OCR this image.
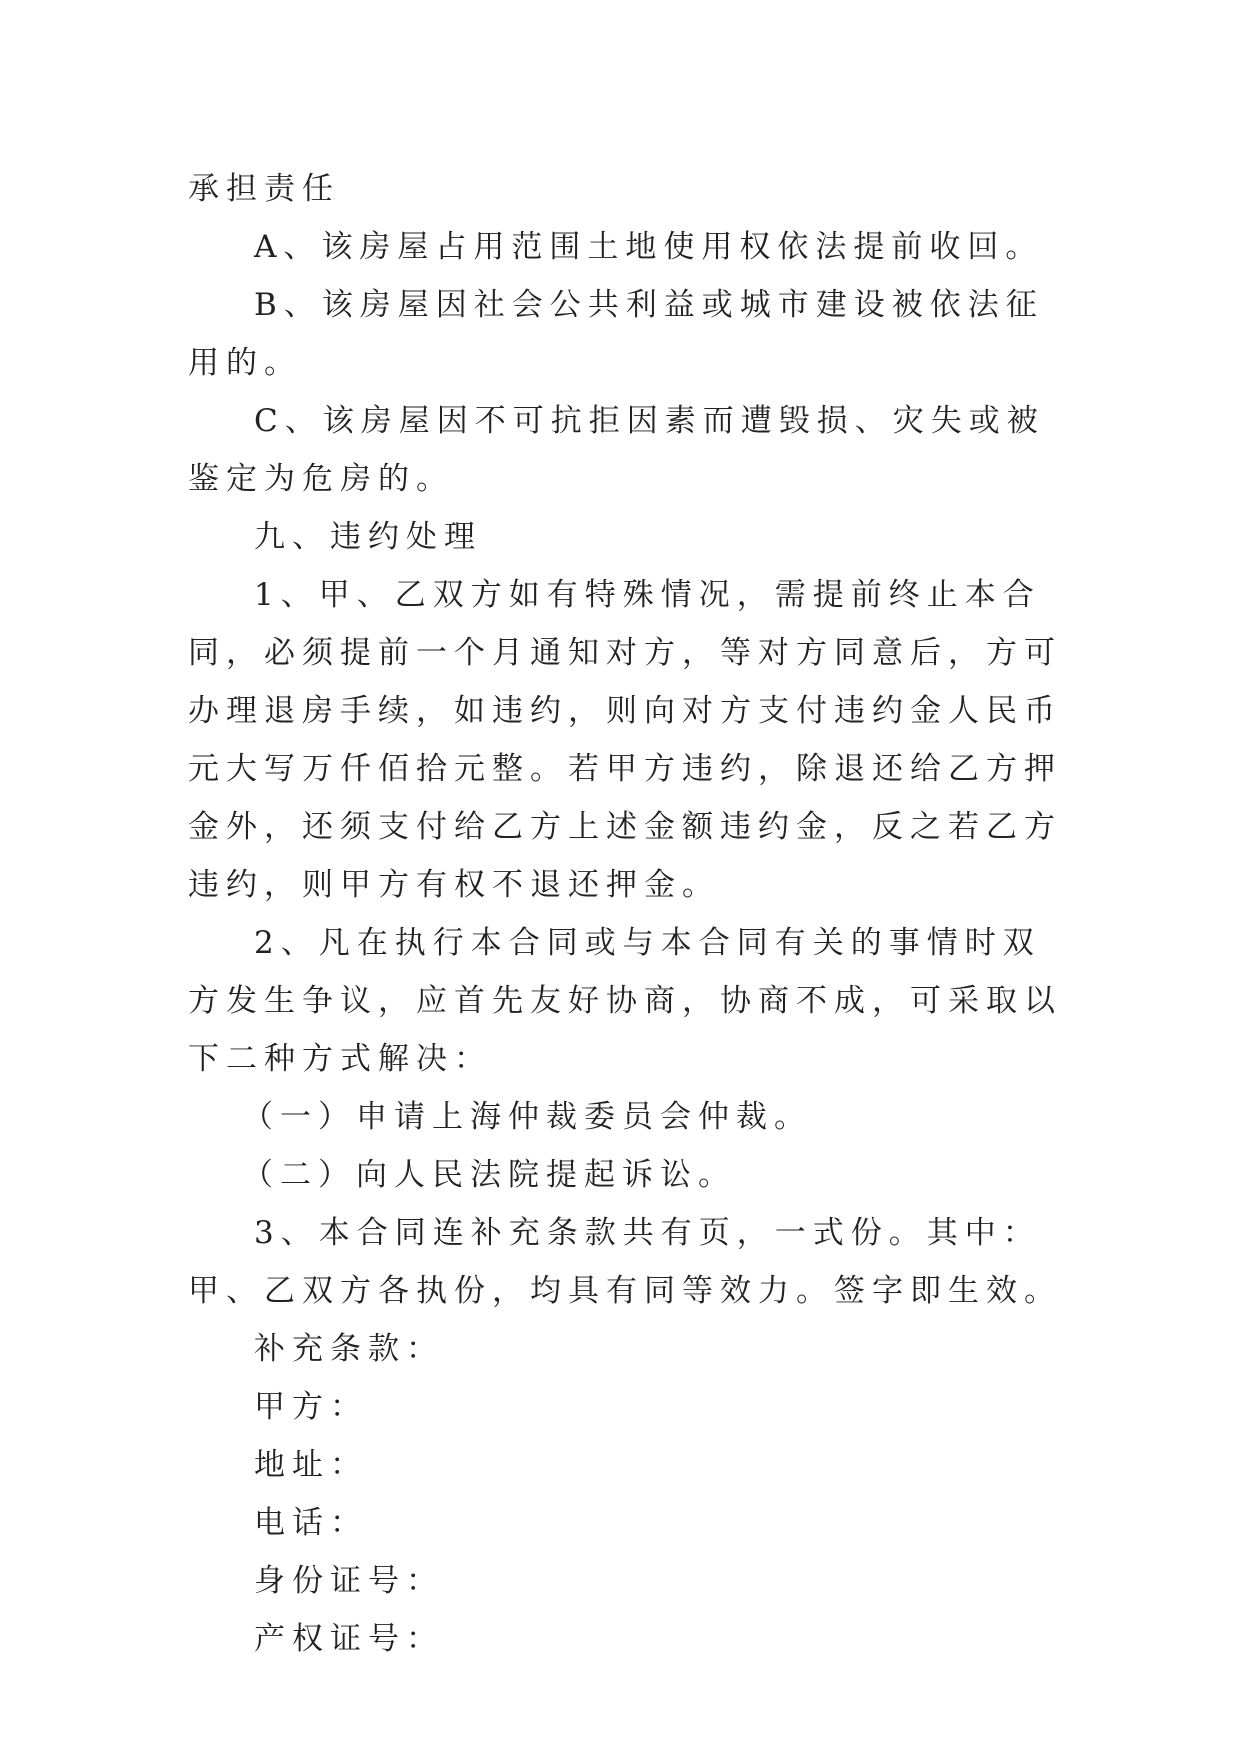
承担责任

A、该房屋占用范围土地使用权依法提前收回。

B、该房屋因社会公共利益或城市建设被依法征用的。

C、该房屋因不可抗拒因素而遭毁损、灾失或被鉴定为危房的。

九、违约处理

1、甲、乙双方如有特殊情况，需提前终止本合同，必须提前一个月通知对方，等对方同意后，方可办理退房手续，如违约，则向对方支付违约金人民币元大写万仟佰拾元整。若甲方违约，除退还给乙方押金外，还须支付给乙方上述金额违约金，反之若乙方违约，则甲方有权不退还押金。

2、凡在执行本合同或与本合同有关的事情时双方发生争议，应首先友好协商，协商不成，可采取以下二种方式解决：

（一）申请上海仲裁委员会仲裁。

（二）向人民法院提起诉讼。

3、本合同连补充条款共有页，一式份。其中：甲、乙双方各执份，均具有同等效力。签字即生效。

补充条款：

甲方：

地址：

电话：

身份证号：

产权证号：
